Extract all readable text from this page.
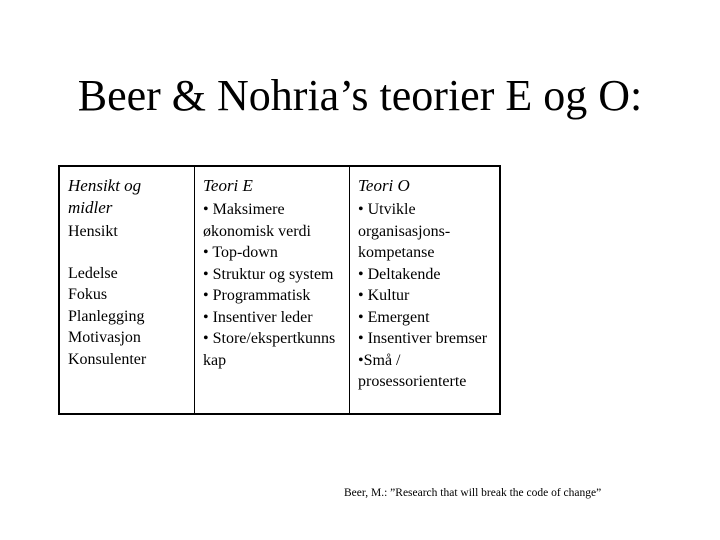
Beer & Nohria’s teorier E og O:
Hensikt og midler
Hensikt
Ledelse
Fokus
Planlegging
Motivasjon
Konsulenter

Teori E
• Maksimere økonomisk verdi
• Top-down
• Struktur og system
• Programmatisk
• Insentiver leder
• Store/ekspertkunnskap

Teori O
• Utvikle organisasjons-kompetanse
• Deltakende
• Kultur
• Emergent
• Insentiver bremser
•Små / prosessorienterte
Beer, M.: ”Research that will break the code of change”
